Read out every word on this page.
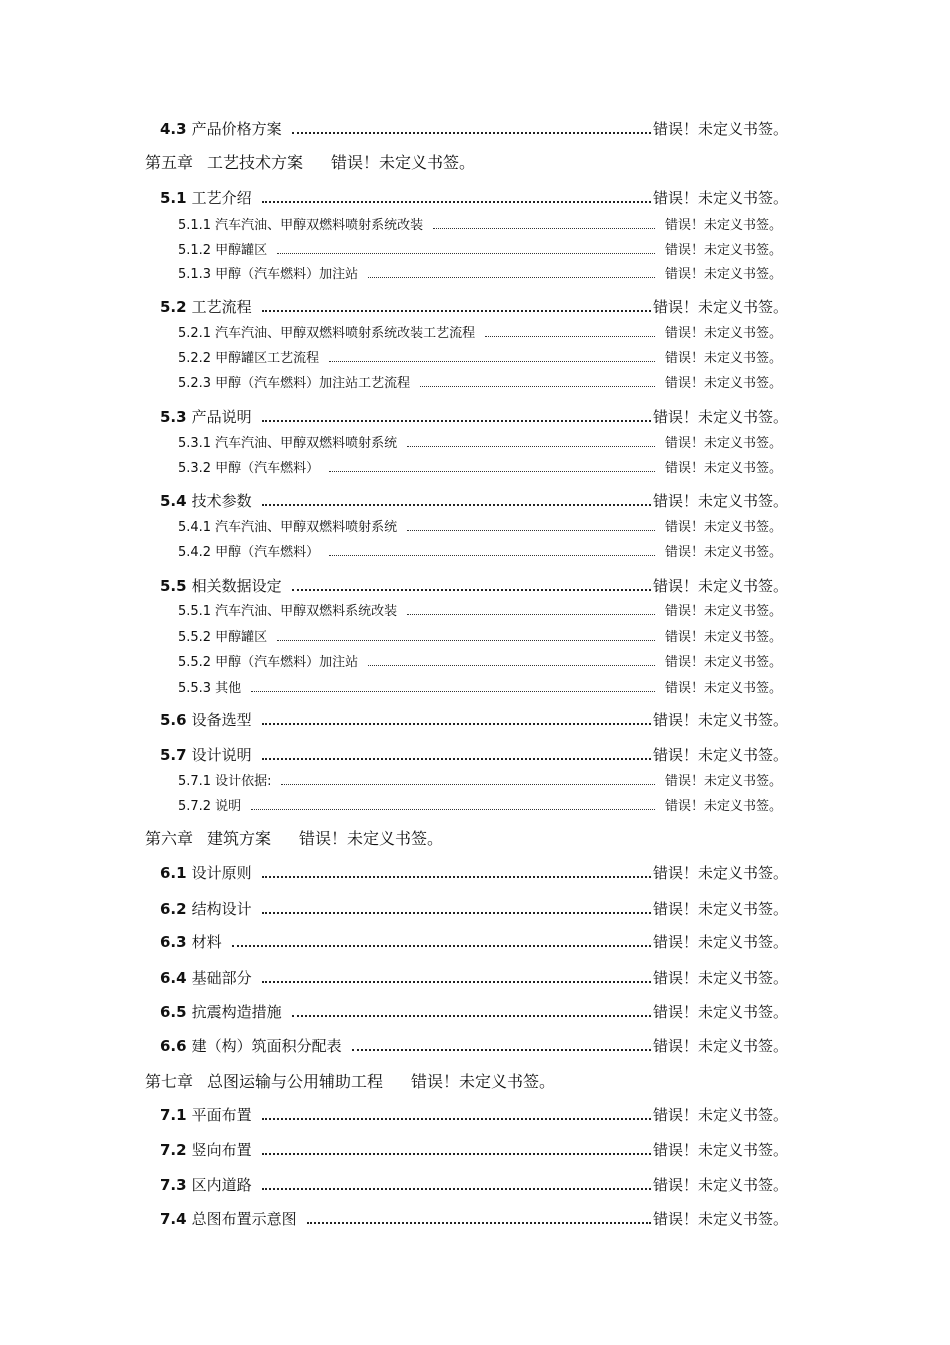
4.3 产品价格方案	错误！未定义书签。
第五章 工艺技术方案 错误！未定义书签。
5.1 工艺介绍	错误！未定义书签。
5.1.1 汽车汽油、甲醇双燃料喷射系统改装	错误！未定义书签。
5.1.2 甲醇罐区	错误！未定义书签。
5.1.3 甲醇（汽车燃料）加注站	错误！未定义书签。
5.2 工艺流程	错误！未定义书签。
5.2.1 汽车汽油、甲醇双燃料喷射系统改装工艺流程	错误！未定义书签。
5.2.2 甲醇罐区工艺流程	错误！未定义书签。
5.2.3 甲醇（汽车燃料）加注站工艺流程	错误！未定义书签。
5.3 产品说明	错误！未定义书签。
5.3.1 汽车汽油、甲醇双燃料喷射系统	错误！未定义书签。
5.3.2 甲醇（汽车燃料）	错误！未定义书签。
5.4 技术参数	错误！未定义书签。
5.4.1 汽车汽油、甲醇双燃料喷射系统	错误！未定义书签。
5.4.2 甲醇（汽车燃料）	错误！未定义书签。
5.5 相关数据设定	错误！未定义书签。
5.5.1 汽车汽油、甲醇双燃料系统改装	错误！未定义书签。
5.5.2 甲醇罐区	错误！未定义书签。
5.5.2 甲醇（汽车燃料）加注站	错误！未定义书签。
5.5.3 其他	错误！未定义书签。
5.6 设备选型	错误！未定义书签。
5.7 设计说明	错误！未定义书签。
5.7.1 设计依据:	错误！未定义书签。
5.7.2 说明	错误！未定义书签。
第六章 建筑方案 错误！未定义书签。
6.1 设计原则	错误！未定义书签。
6.2 结构设计	错误！未定义书签。
6.3 材料	错误！未定义书签。
6.4 基础部分	错误！未定义书签。
6.5 抗震构造措施	错误！未定义书签。
6.6 建（构）筑面积分配表	错误！未定义书签。
第七章 总图运输与公用辅助工程 错误！未定义书签。
7.1 平面布置	错误！未定义书签。
7.2 竖向布置	错误！未定义书签。
7.3 区内道路	错误！未定义书签。
7.4 总图布置示意图	错误！未定义书签。
